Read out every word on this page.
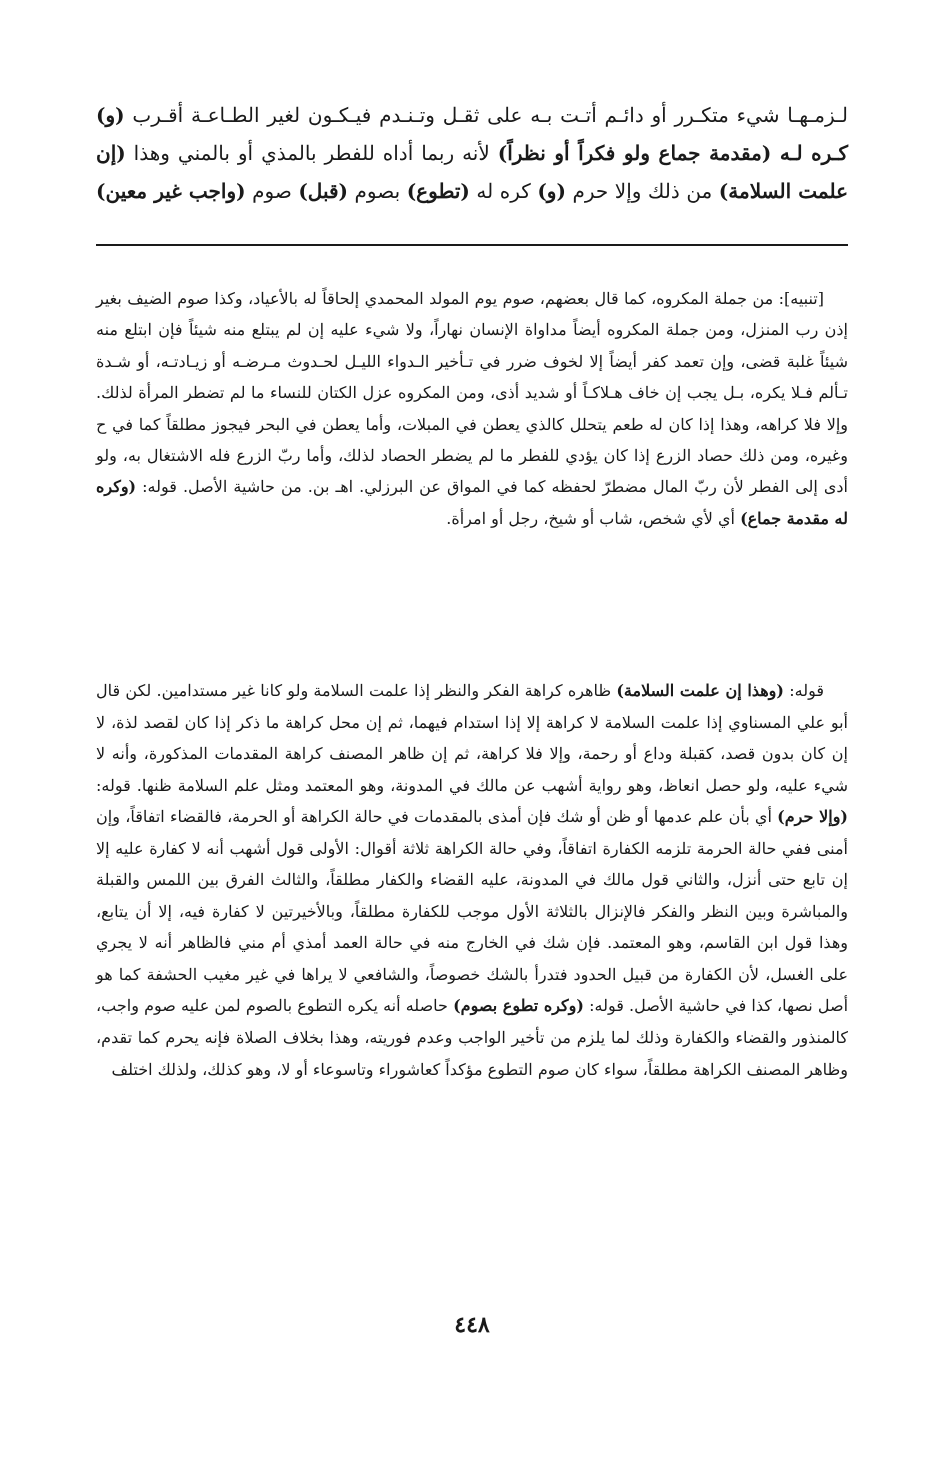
لـزمـهـا شيء متكـرر أو دائـم أتـت بـه على ثقـل وتـنـدم فيـكـون لغير الطـاعـة أقـرب (و) كـره لـه (مقدمة جماع ولو فكراً أو نظراً) لأنه ربما أداه للفطر بالمذي أو بالمني وهذا (إن علمت السلامة) من ذلك وإلا حرم (و) كره له (تطوع) بصوم (قبل) صوم (واجب غير معين)

[تنبيه]: من جملة المكروه، كما قال بعضهم، صوم يوم المولد المحمدي إلحاقاً له بالأعياد، وكذا صوم الضيف بغير إذن رب المنزل، ومن جملة المكروه أيضاً مداواة الإنسان نهاراً، ولا شيء عليه إن لم يبتلع منه شيئاً فإن ابتلع منه شيئاً غلبة قضى، وإن تعمد كفر أيضاً إلا لخوف ضرر في تـأخير الـدواء الليـل لحـدوث مـرضـه أو زيـادتـه، أو شـدة تـألم فـلا يكره، بـل يجب إن خاف هـلاكـاً أو شديد أذى، ومن المكروه عزل الكتان للنساء ما لم تضطر المرأة لذلك. وإلا فلا كراهه، وهذا إذا كان له طعم يتحلل كالذي يعطن في المبلات، وأما يعطن في البحر فيجوز مطلقاً كما في ح وغيره، ومن ذلك حصاد الزرع إذا كان يؤدي للفطر ما لم يضطر الحصاد لذلك، وأما ربّ الزرع فله الاشتغال به، ولو أدى إلى الفطر لأن ربّ المال مضطرّ لحفظه كما في المواق عن البرزلي. اهـ بن. من حاشية الأصل. قوله: (وكره له مقدمة جماع) أي لأي شخص، شاب أو شيخ، رجل أو امرأة.

قوله: (وهذا إن علمت السلامة) ظاهره كراهة الفكر والنظر إذا علمت السلامة ولو كانا غير مستدامين. لكن قال أبو علي المسناوي إذا علمت السلامة لا كراهة إلا إذا استدام فيهما، ثم إن محل كراهة ما ذكر إذا كان لقصد لذة، لا إن كان بدون قصد، كقبلة وداع أو رحمة، وإلا فلا كراهة، ثم إن ظاهر المصنف كراهة المقدمات المذكورة، وأنه لا شيء عليه، ولو حصل انعاظ، وهو رواية أشهب عن مالك في المدونة، وهو المعتمد ومثل علم السلامة ظنها. قوله: (وإلا حرم) أي بأن علم عدمها أو ظن أو شك فإن أمذى بالمقدمات في حالة الكراهة أو الحرمة، فالقضاء اتفاقاً، وإن أمنى ففي حالة الحرمة تلزمه الكفارة اتفاقاً، وفي حالة الكراهة ثلاثة أقوال: الأولى قول أشهب أنه لا كفارة عليه إلا إن تابع حتى أنزل، والثاني قول مالك في المدونة، عليه القضاء والكفار مطلقاً، والثالث الفرق بين اللمس والقبلة والمباشرة وبين النظر والفكر فالإنزال بالثلاثة الأول موجب للكفارة مطلقاً، وبالأخيرتين لا كفارة فيه، إلا أن يتابع، وهذا قول ابن القاسم، وهو المعتمد. فإن شك في الخارج منه في حالة العمد أمذي أم مني فالظاهر أنه لا يجري على الغسل، لأن الكفارة من قبيل الحدود فتدرأ بالشك خصوصاً، والشافعي لا يراها في غير مغيب الحشفة كما هو أصل نصها، كذا في حاشية الأصل. قوله: (وكره تطوع بصوم) حاصله أنه يكره التطوع بالصوم لمن عليه صوم واجب، كالمنذور والقضاء والكفارة وذلك لما يلزم من تأخير الواجب وعدم فوريته، وهذا بخلاف الصلاة فإنه يحرم كما تقدم، وظاهر المصنف الكراهة مطلقاً، سواء كان صوم التطوع مؤكداً كعاشوراء وتاسوعاء أو لا، وهو كذلك، ولذلك اختلف

٤٤٨
